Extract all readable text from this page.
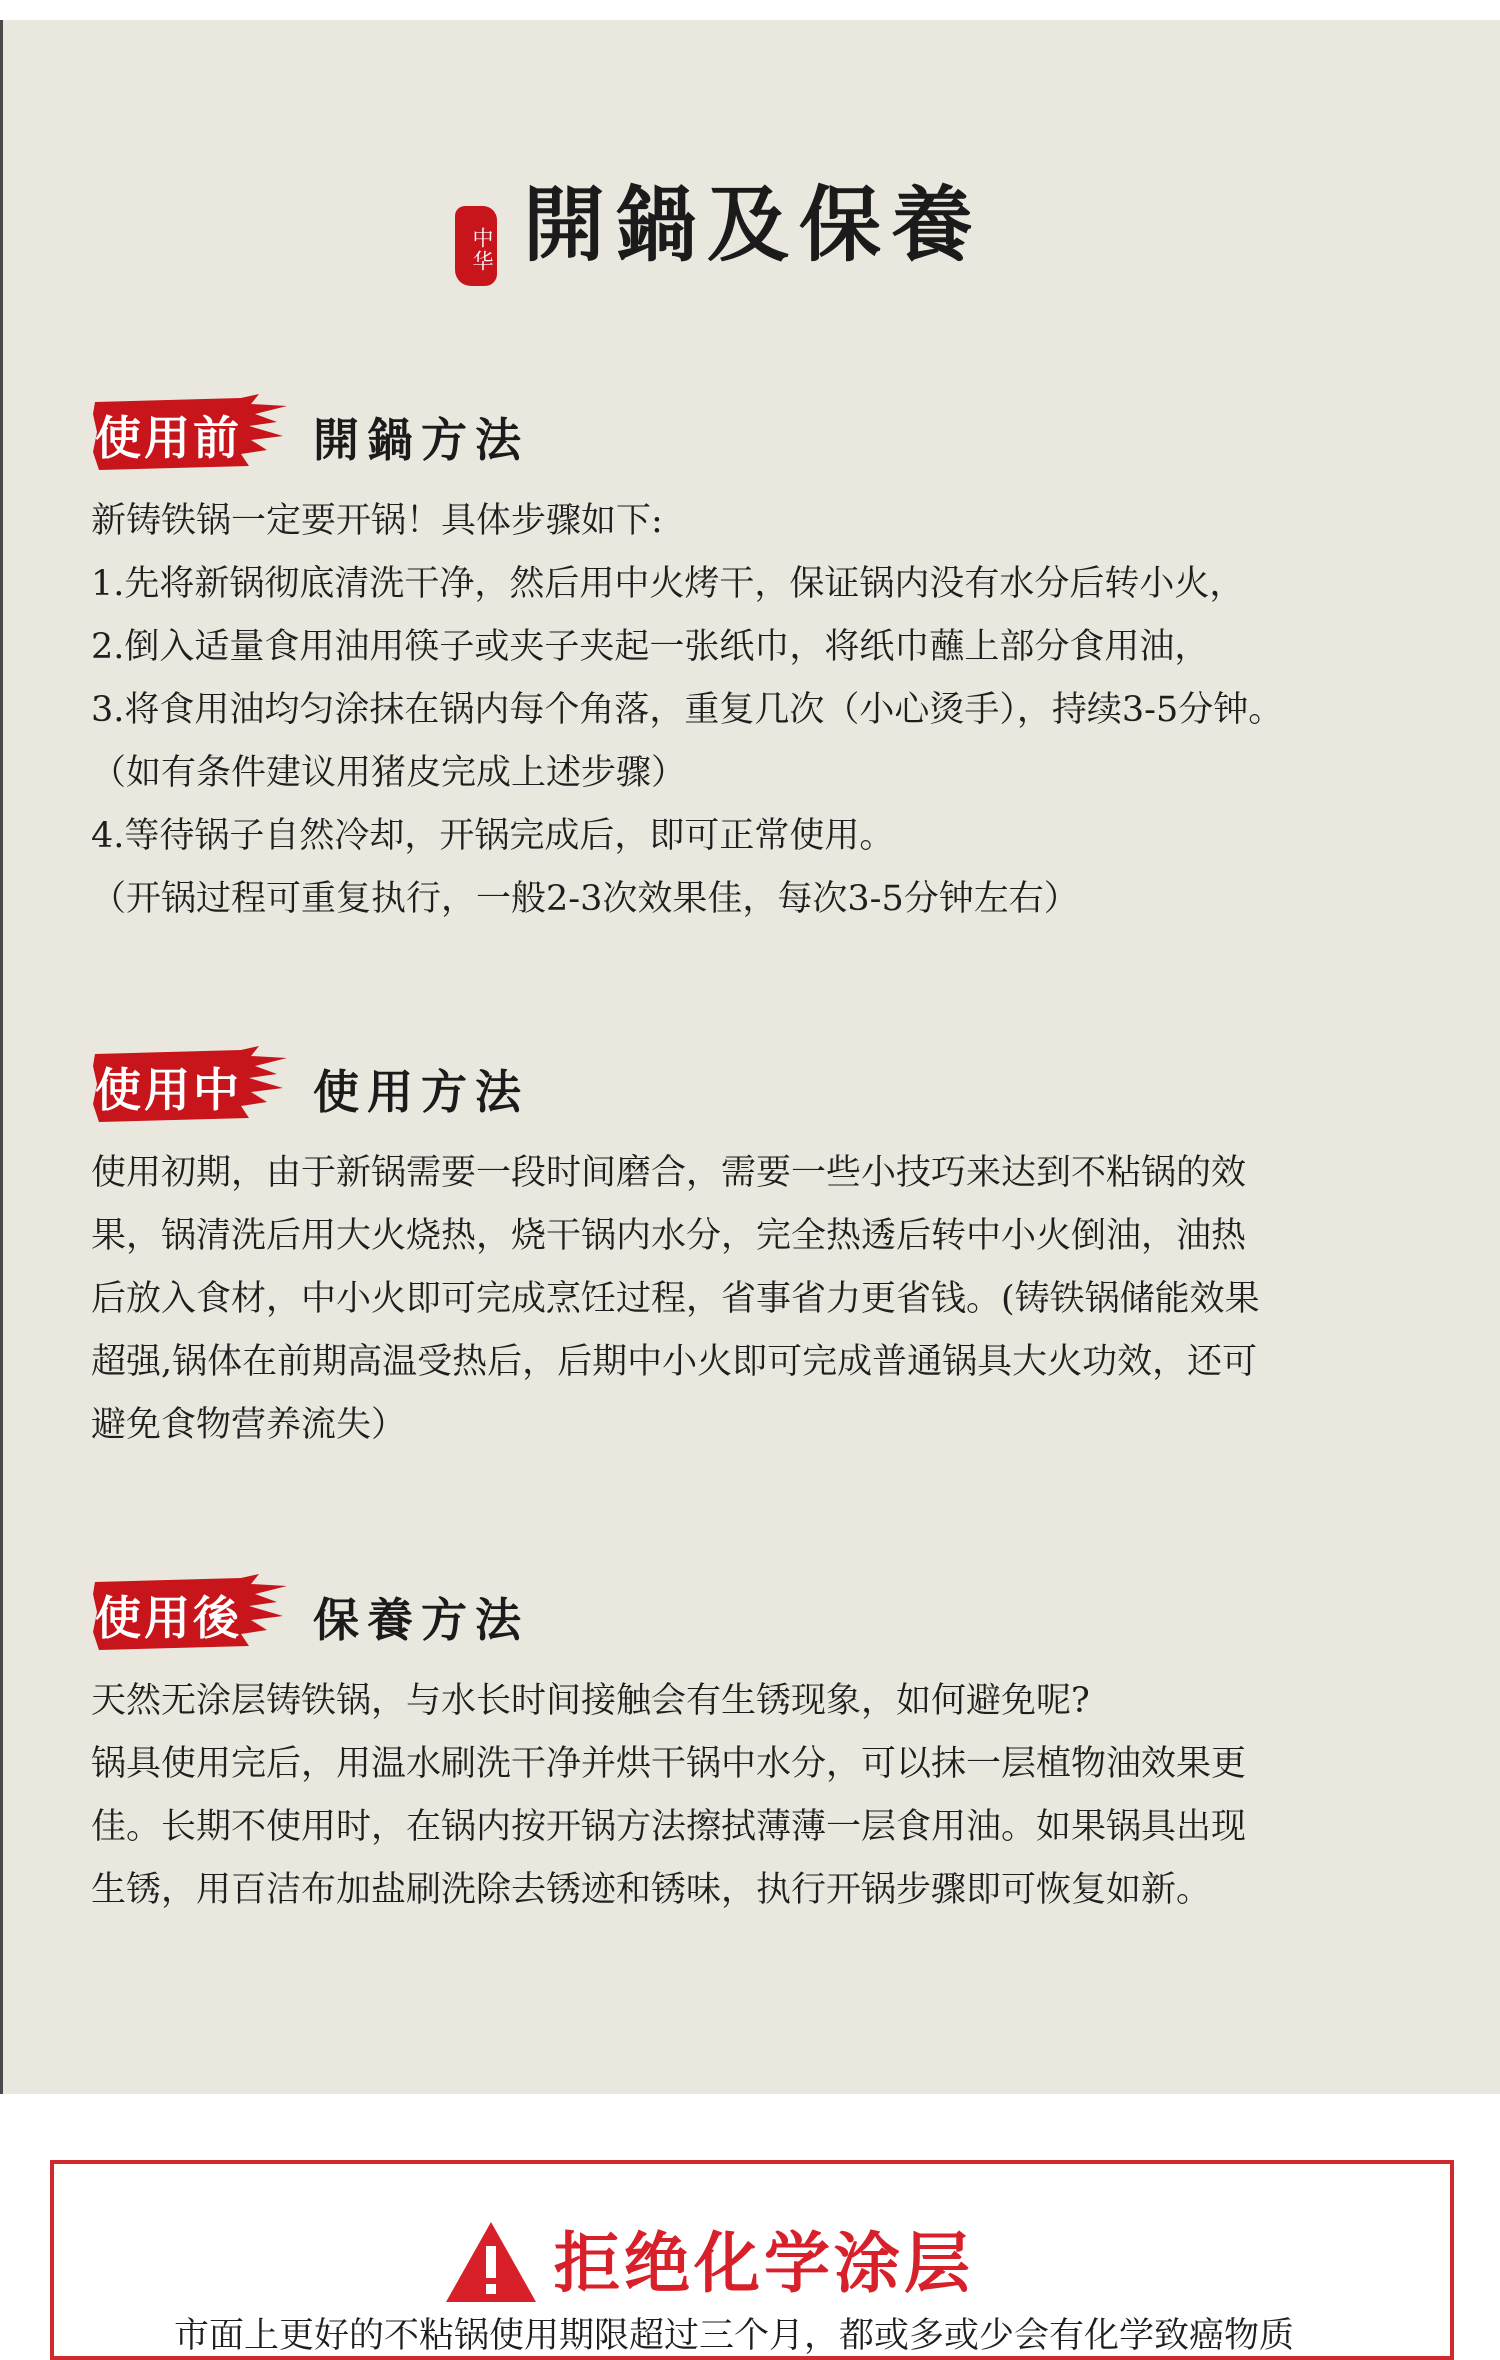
中华 開鍋及保養
使用前 開鍋方法

新铸铁锅一定要开锅！具体步骤如下:

1.先将新锅彻底清洗干净，然后用中火烤干，保证锅内没有水分后转小火，

2.倒入适量食用油用筷子或夹子夹起一张纸巾，将纸巾蘸上部分食用油，

3.将食用油均匀涂抹在锅内每个角落，重复几次（小心烫手），持续3-5分钟。

（如有条件建议用猪皮完成上述步骤）

4.等待锅子自然冷却，开锅完成后，即可正常使用。

（开锅过程可重复执行，一般2-3次效果佳，每次3-5分钟左右）

使用中 使用方法

使用初期，由于新锅需要一段时间磨合，需要一些小技巧来达到不粘锅的效

果，锅清洗后用大火烧热，烧干锅内水分，完全热透后转中小火倒油，油热

后放入食材，中小火即可完成烹饪过程，省事省力更省钱。(铸铁锅储能效果

超强,锅体在前期高温受热后，后期中小火即可完成普通锅具大火功效，还可

避免食物营养流失）

使用後 保養方法

天然无涂层铸铁锅，与水长时间接触会有生锈现象，如何避免呢?

锅具使用完后，用温水刷洗干净并烘干锅中水分，可以抹一层植物油效果更

佳。长期不使用时，在锅内按开锅方法擦拭薄薄一层食用油。如果锅具出现

生锈，用百洁布加盐刷洗除去锈迹和锈味，执行开锅步骤即可恢复如新。

拒绝化学涂层
市面上更好的不粘锅使用期限超过三个月，都或多或少会有化学致癌物质
